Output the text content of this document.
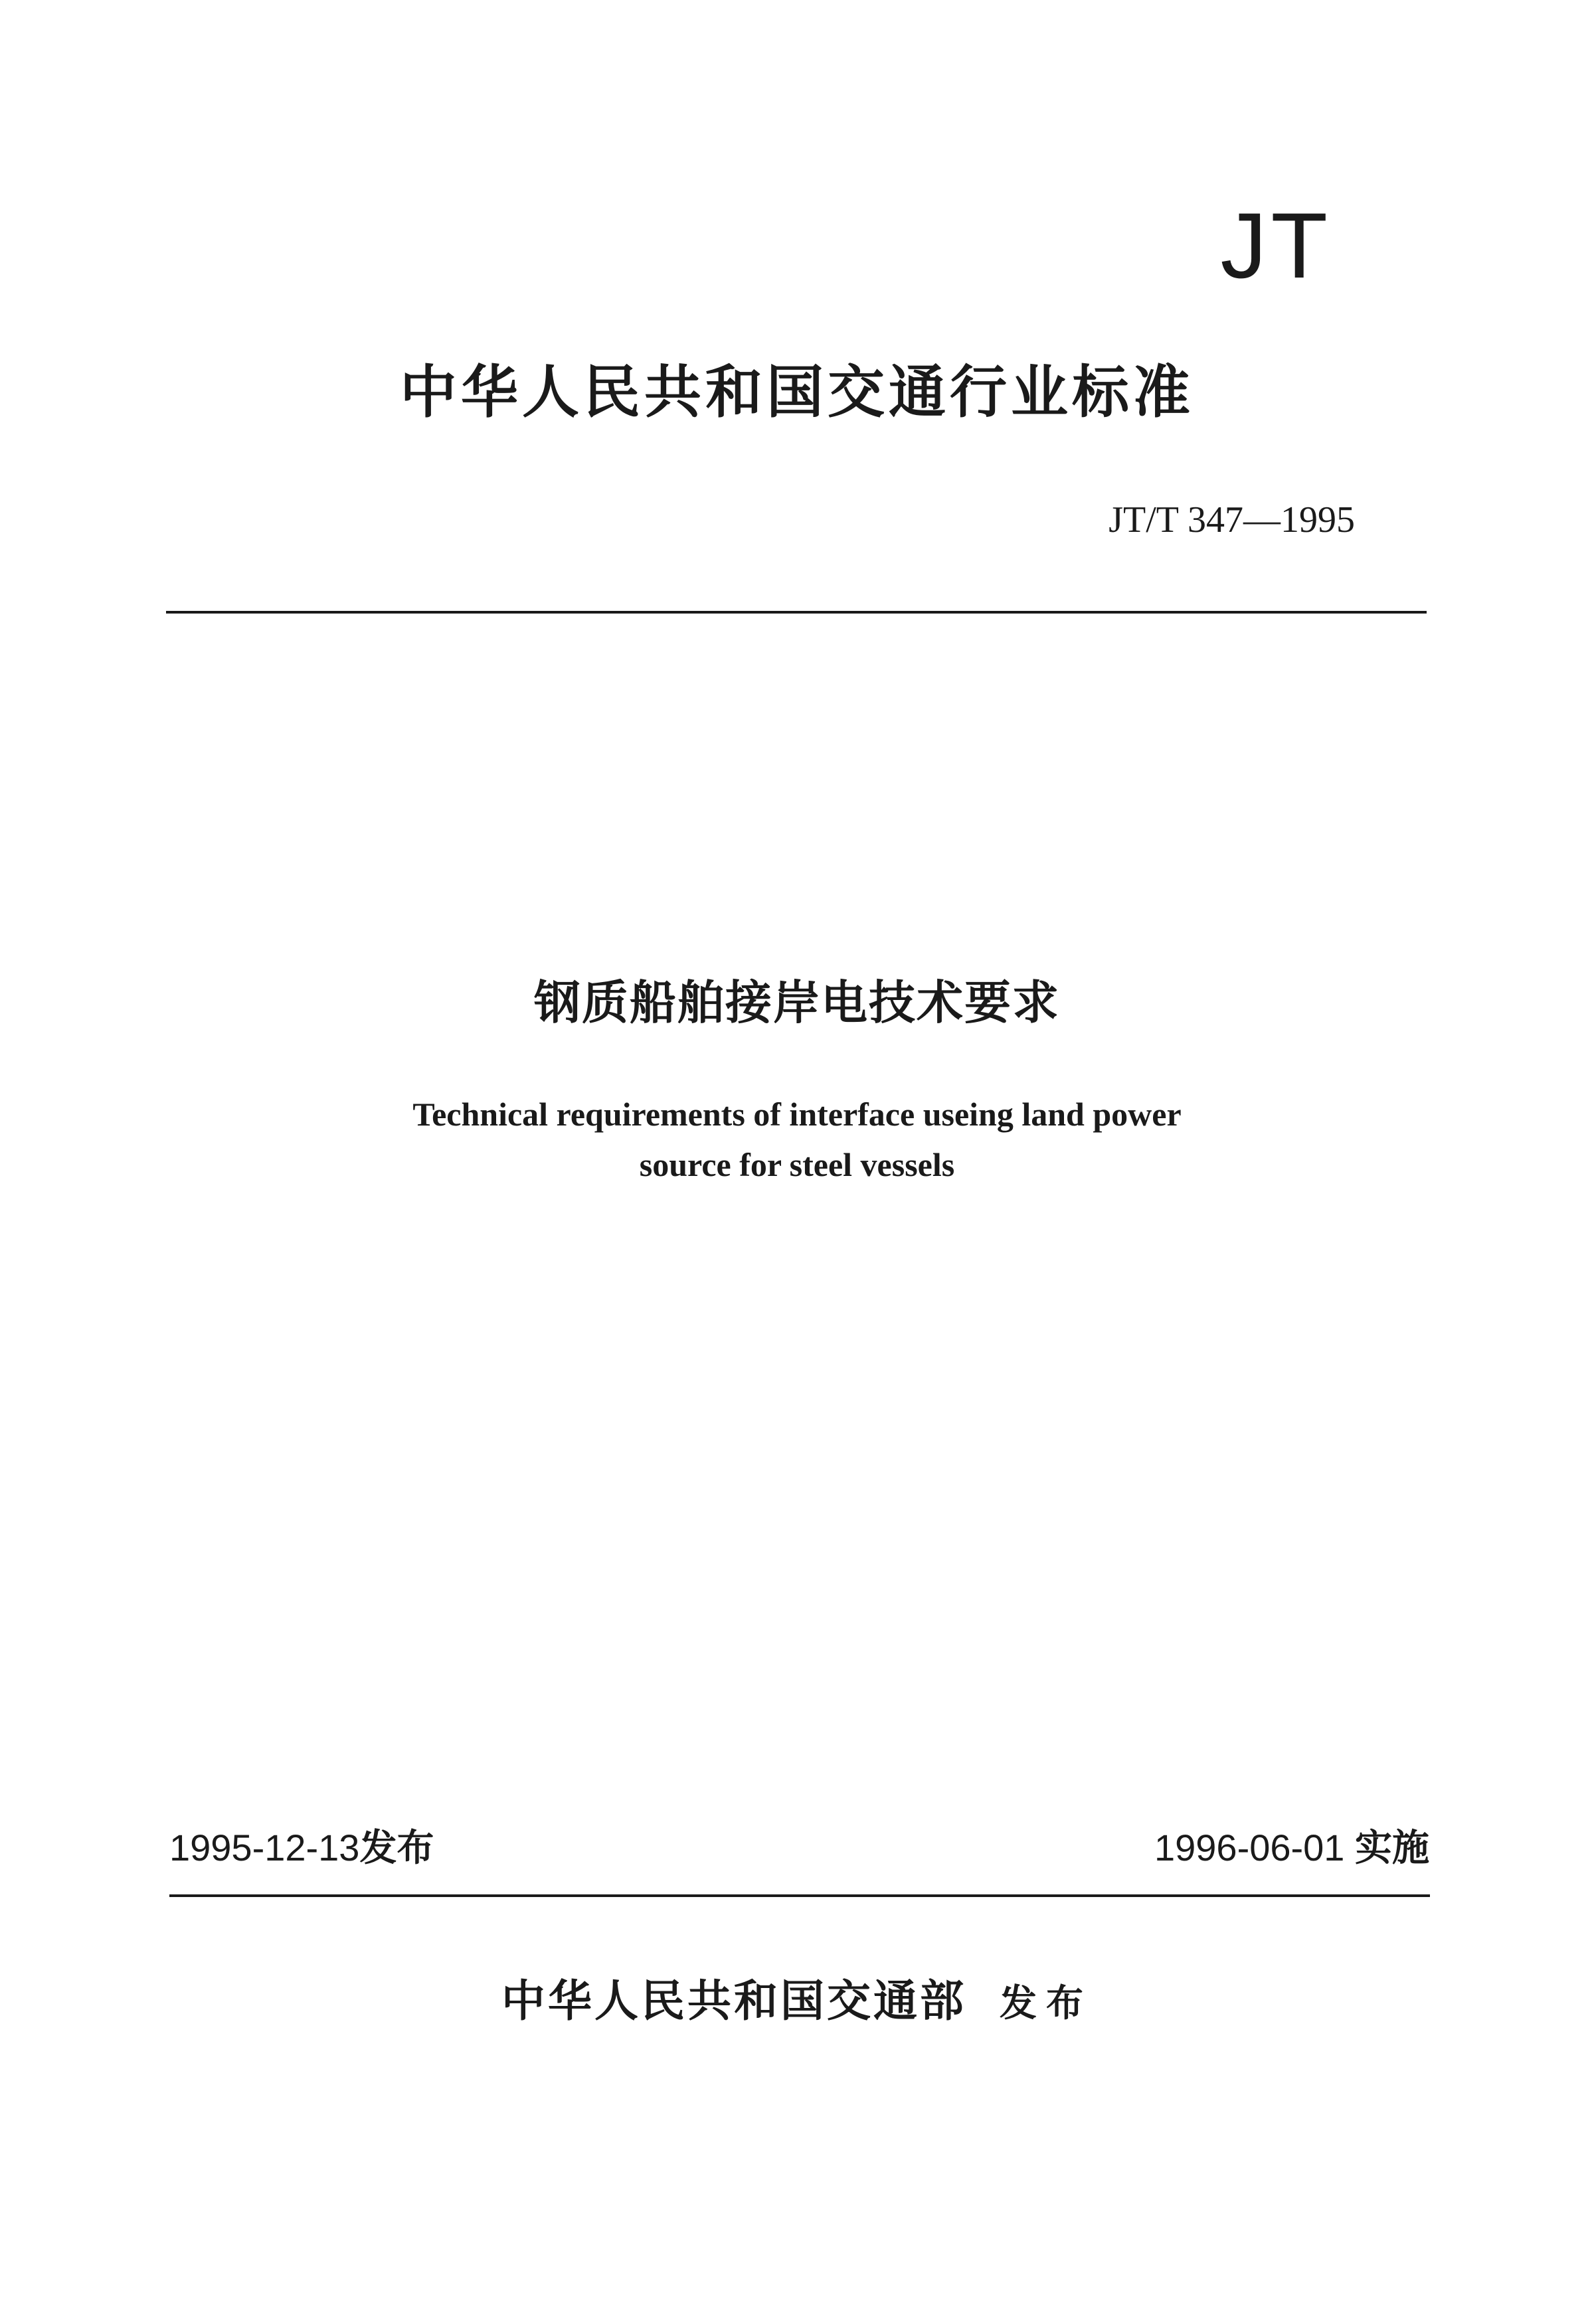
JT
中华人民共和国交通行业标准
JT/T 347—1995
钢质船舶接岸电技术要求
Technical requirements of interface useing land power
source for steel vessels
1995-12-13发布	1996-06-01 实施
中华人民共和国交通部 发布
